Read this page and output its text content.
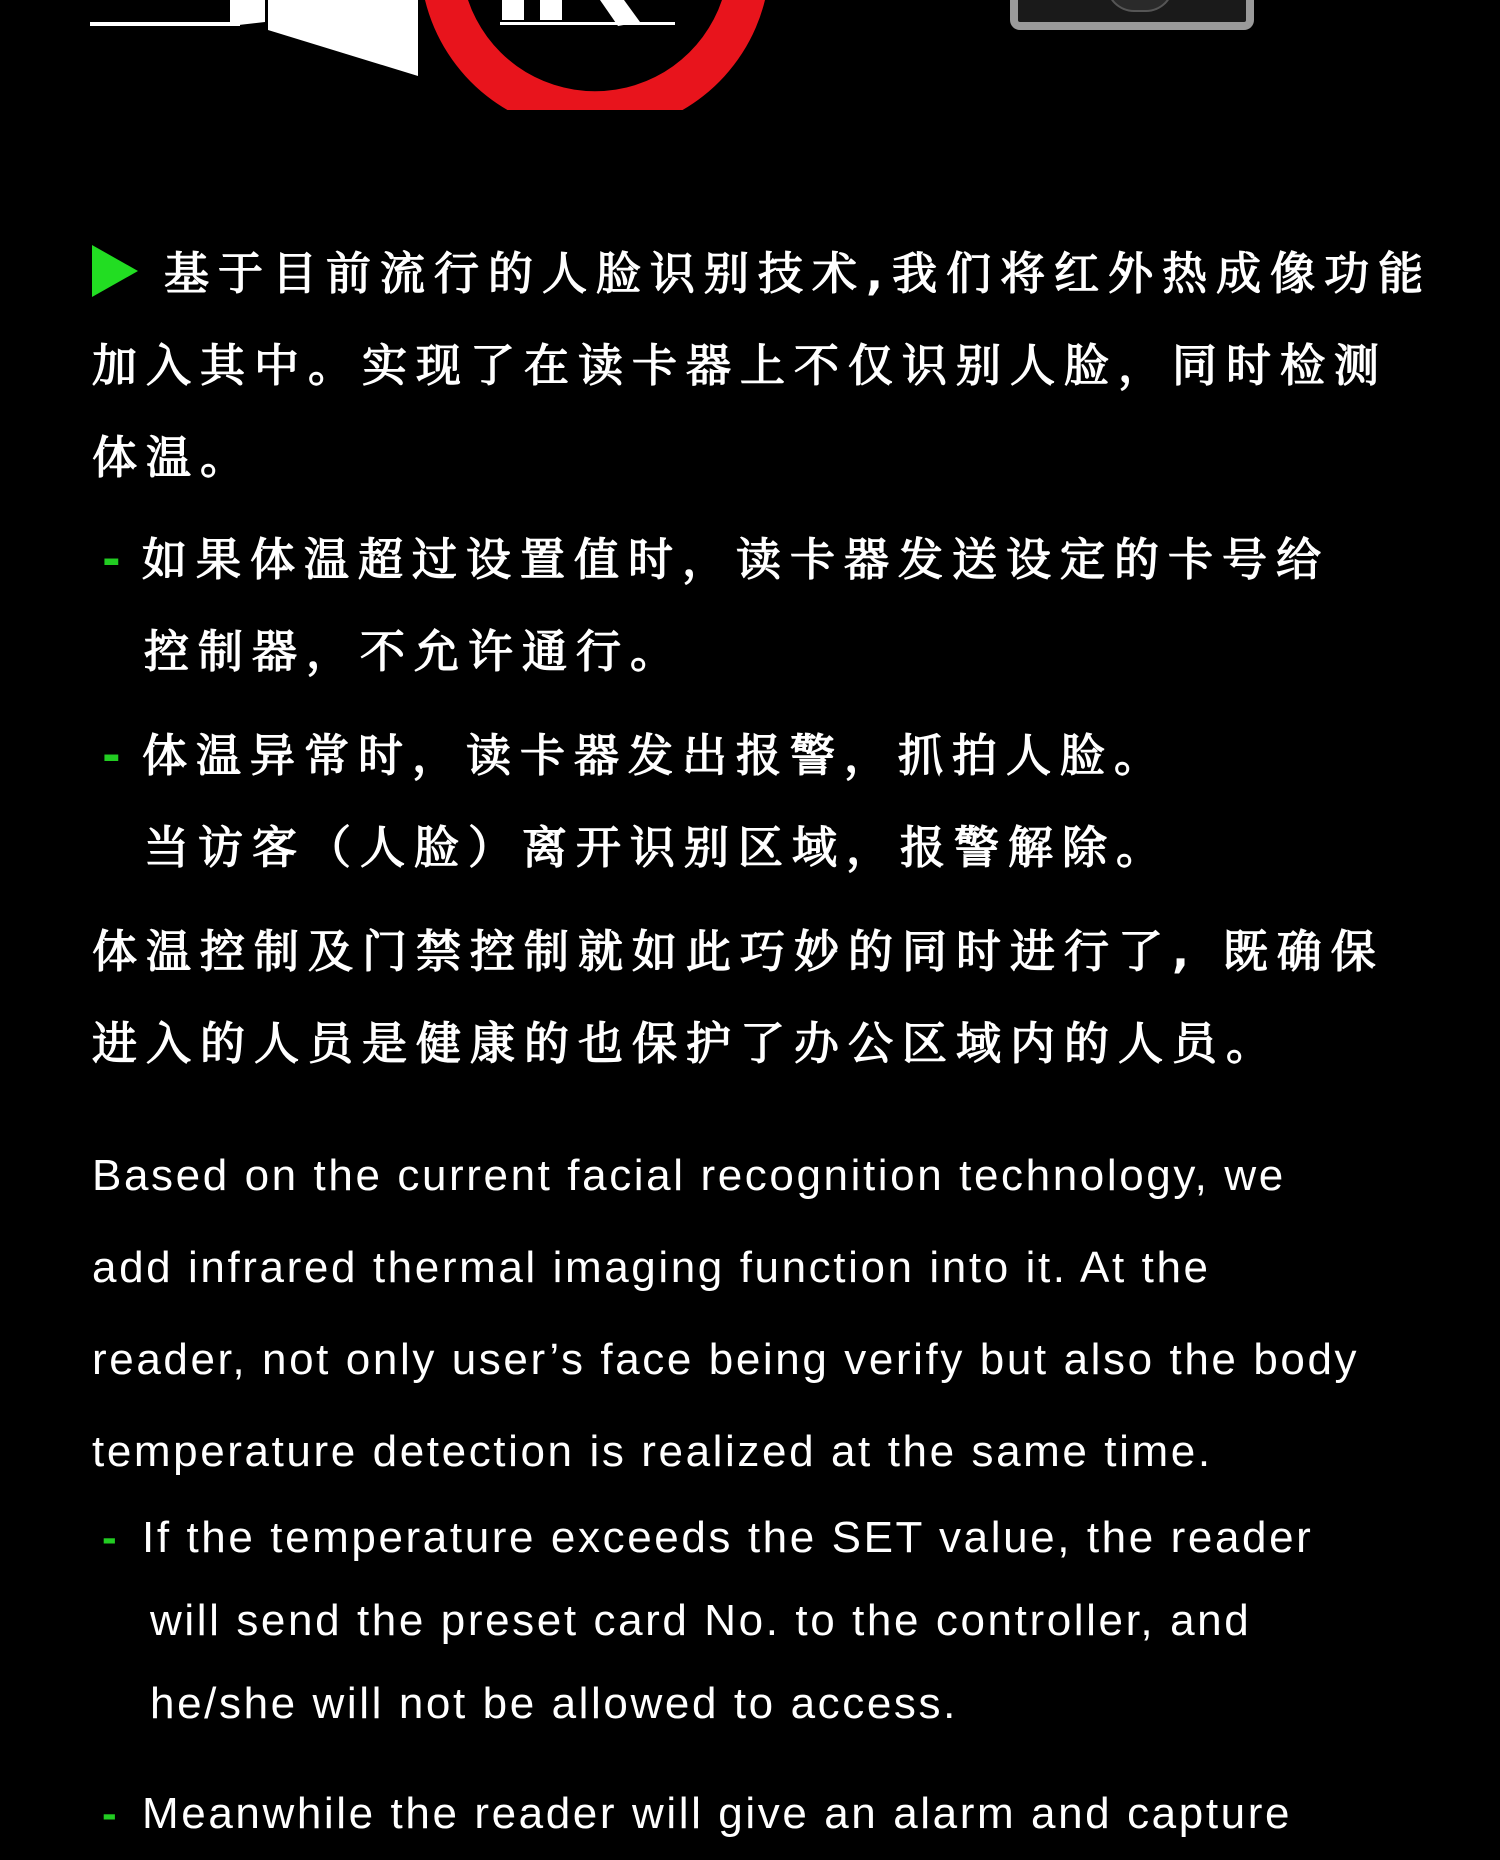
基于目前流行的人脸识别技术,我们将红外热成像功能
加入其中。实现了在读卡器上不仅识别人脸，同时检测
体温。
- 如果体温超过设置值时，读卡器发送设定的卡号给
控制器，不允许通行。
- 体温异常时，读卡器发出报警，抓拍人脸。
当访客（人脸）离开识别区域，报警解除。
体温控制及门禁控制就如此巧妙的同时进行了, 既确保
进入的人员是健康的也保护了办公区域内的人员。
Based on the current facial recognition technology, we
add infrared thermal imaging function into it. At the
reader, not only user’s face being verify but also the body
temperature detection is realized at the same time.
- If the temperature exceeds the SET value, the reader
will send the preset card No. to the controller, and
he/she will not be allowed to access.
- Meanwhile the reader will give an alarm and capture
